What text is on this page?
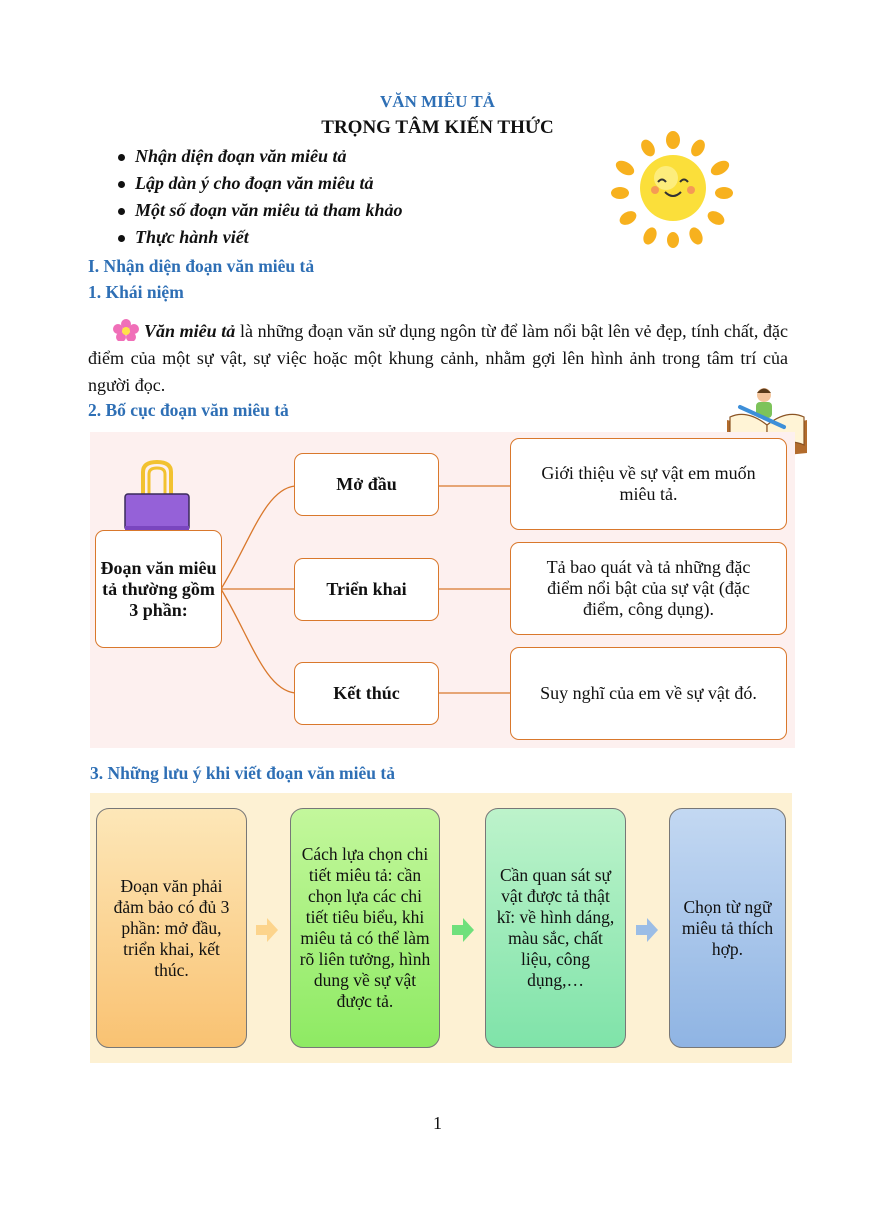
VĂN MIÊU TẢ
TRỌNG TÂM KIẾN THỨC
Nhận diện đoạn văn miêu tả
Lập dàn ý cho đoạn văn miêu tả
Một số đoạn văn miêu tả tham khảo
Thực hành viết
I. Nhận diện đoạn văn miêu tả
1. Khái niệm
Văn miêu tả là những đoạn văn sử dụng ngôn từ để làm nổi bật lên vẻ đẹp, tính chất, đặc điểm của một sự vật, sự việc hoặc một khung cảnh, nhằm gợi lên hình ảnh trong tâm trí của người đọc.
2. Bố cục đoạn văn miêu tả
Đoạn văn miêu tả thường gồm 3 phần:
Mở đầu
Triển khai
Kết thúc
Giới thiệu về sự vật em muốn miêu tả.
Tả bao quát và tả những đặc điểm nổi bật của sự vật (đặc điểm, công dụng).
Suy nghĩ của em về sự vật đó.
3. Những lưu ý khi viết đoạn văn miêu tả
Đoạn văn phải đảm bảo có đủ 3 phần: mở đầu, triển khai, kết thúc.
Cách lựa chọn chi tiết miêu tả: cần chọn lựa các chi tiết tiêu biểu, khi miêu tả có thể làm rõ liên tưởng, hình dung về sự vật được tả.
Cần quan sát sự vật được tả thật kĩ: về hình dáng, màu sắc, chất liệu, công dụng,…
Chọn từ ngữ miêu tả thích hợp.
1
